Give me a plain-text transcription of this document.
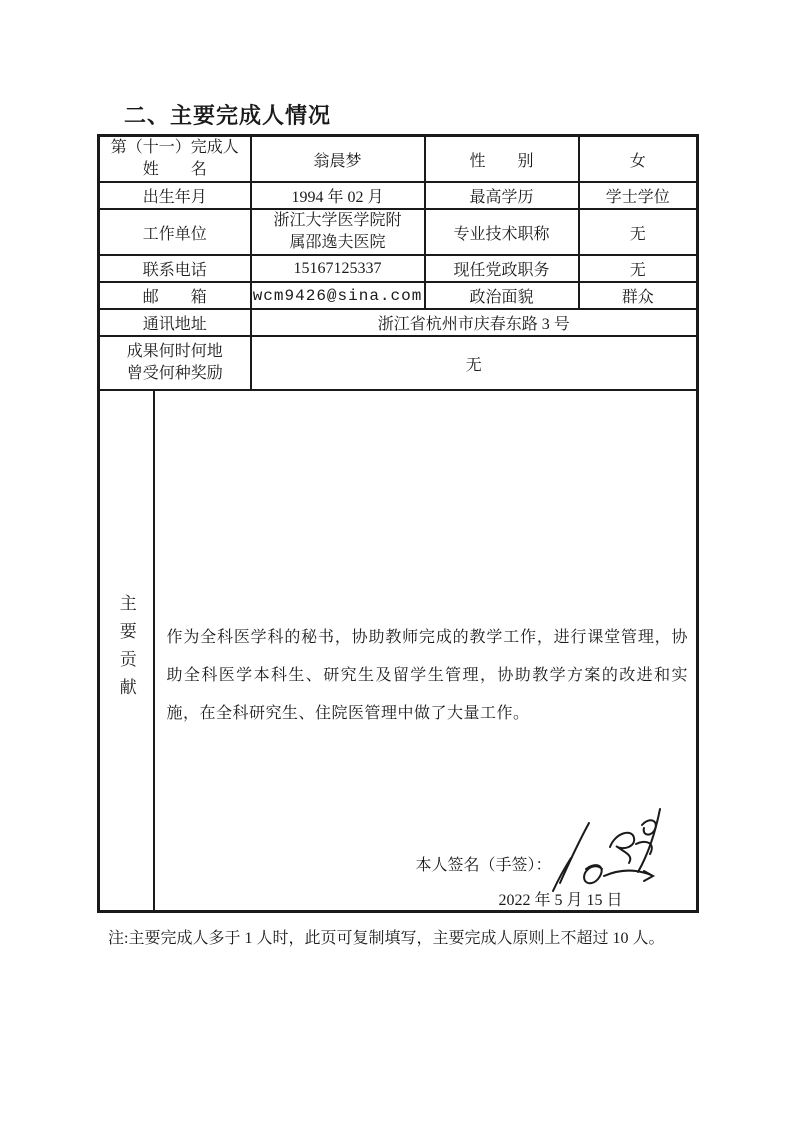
二、主要完成人情况
第（十一）完成人
姓　　名		翁晨梦	性　　别	女
出生年月		1994 年 02 月	最高学历	学士学位
工作单位		浙江大学医学院附
属邵逸夫医院	专业技术职称	无
联系电话		15167125337	现任党政职务	无
邮　　箱		wcm9426@sina.com	政治面貌	群众
通讯地址		浙江省杭州市庆春东路 3 号		

成果何时何地
曾受何种奖励		无		

主要贡献	作为全科医学科的秘书，协助教师完成的教学工作，进行课堂管理，协助全科医学本科生、研究生及留学生管理，协助教学方案的改进和实施，在全科研究生、住院医管理中做了大量工作。

本人签名（手签）：
2022 年 5 月 15 日			

注:主要完成人多于 1 人时，此页可复制填写，主要完成人原则上不超过 10 人。
